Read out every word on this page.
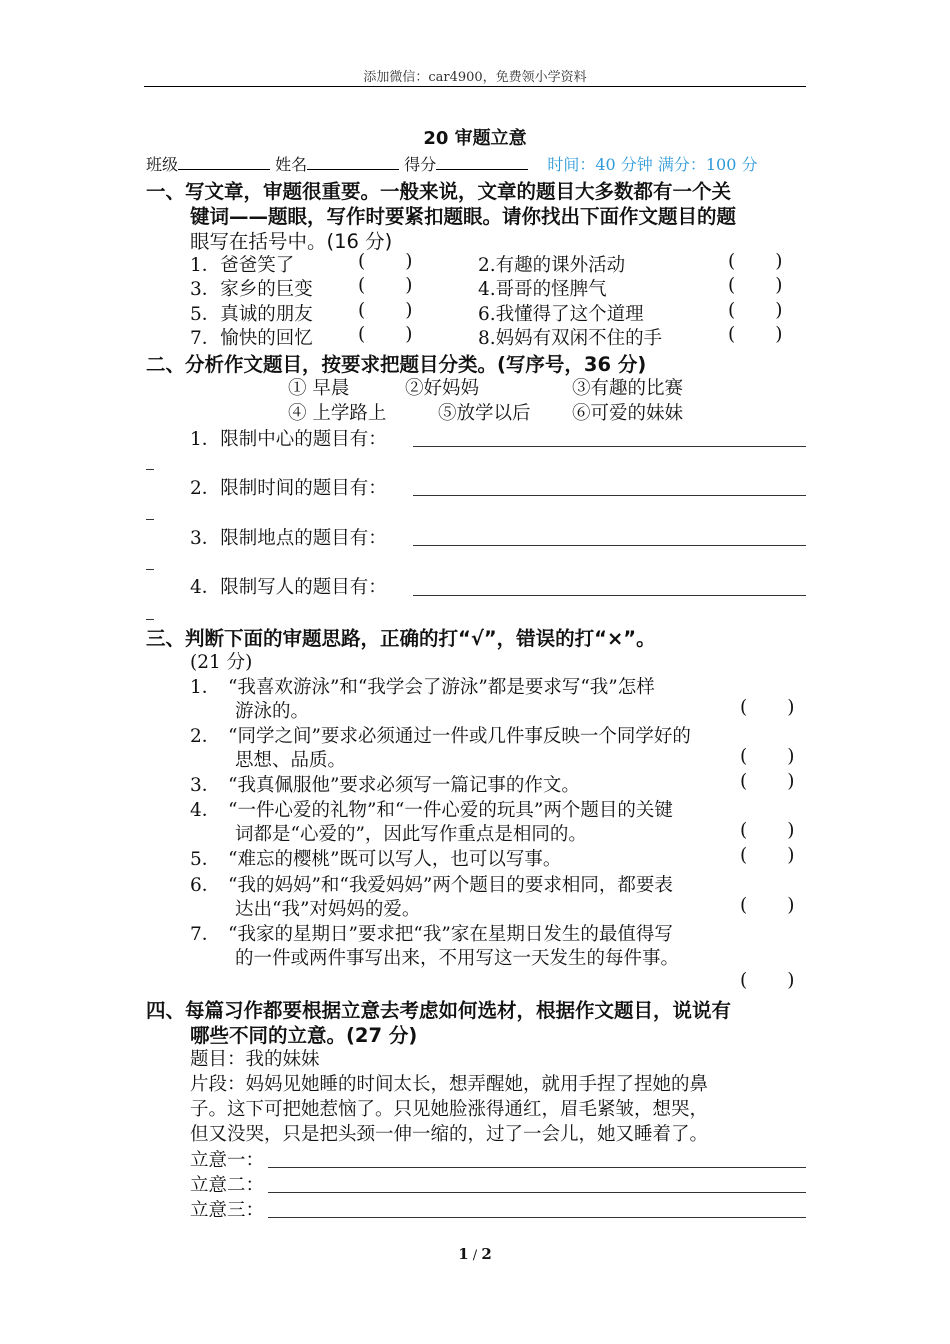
添加微信：car4900，免费领小学资料
20 审题立意
班级	姓名	得分	时间：40 分钟 满分：100 分
一、写文章，审题很重要。一般来说，文章的题目大多数都有一个关
键词——题眼，写作时要紧扣题眼。请你找出下面作文题目的题
眼写在括号中。(16 分)
1．爸爸笑了	( )	2.有趣的课外活动	( )
3．家乡的巨变 ( )	4.哥哥的怪脾气	( )
5．真诚的朋友 ( )	6.我懂得了这个道理	( )
7．愉快的回忆 ( )	8.妈妈有双闲不住的手	( )
二、分析作文题目，按要求把题目分类。(写序号，36 分)
① 早晨	②好妈妈	③有趣的比赛
④ 上学路上	⑤放学以后 ⑥可爱的妹妹
1．限制中心的题目有：
2．限制时间的题目有：
3．限制地点的题目有：
4．限制写人的题目有：
三、判断下面的审题思路，正确的打“√”，错误的打“×”。
(21 分)
1． “我喜欢游泳”和“我学会了游泳”都是要求写“我”怎样
游泳的。	( )
2． “同学之间”要求必须通过一件或几件事反映一个同学好的
思想、品质。	( )
3． “我真佩服他”要求必须写一篇记事的作文。	( )
4． “一件心爱的礼物”和“一件心爱的玩具”两个题目的关键
词都是“心爱的”，因此写作重点是相同的。	( )
5． “难忘的樱桃”既可以写人，也可以写事。	( )
6． “我的妈妈”和“我爱妈妈”两个题目的要求相同，都要表
达出“我”对妈妈的爱。	( )
7． “我家的星期日”要求把“我”家在星期日发生的最值得写
的一件或两件事写出来，不用写这一天发生的每件事。
( )
四、每篇习作都要根据立意去考虑如何选材，根据作文题目，说说有
哪些不同的立意。(27 分)
题目：我的妹妹
片段：妈妈见她睡的时间太长，想弄醒她，就用手捏了捏她的鼻
子。这下可把她惹恼了。只见她脸涨得通红，眉毛紧皱，想哭，
但又没哭，只是把头颈一伸一缩的，过了一会儿，她又睡着了。
立意一：
立意二：
立意三：
1 / 2
